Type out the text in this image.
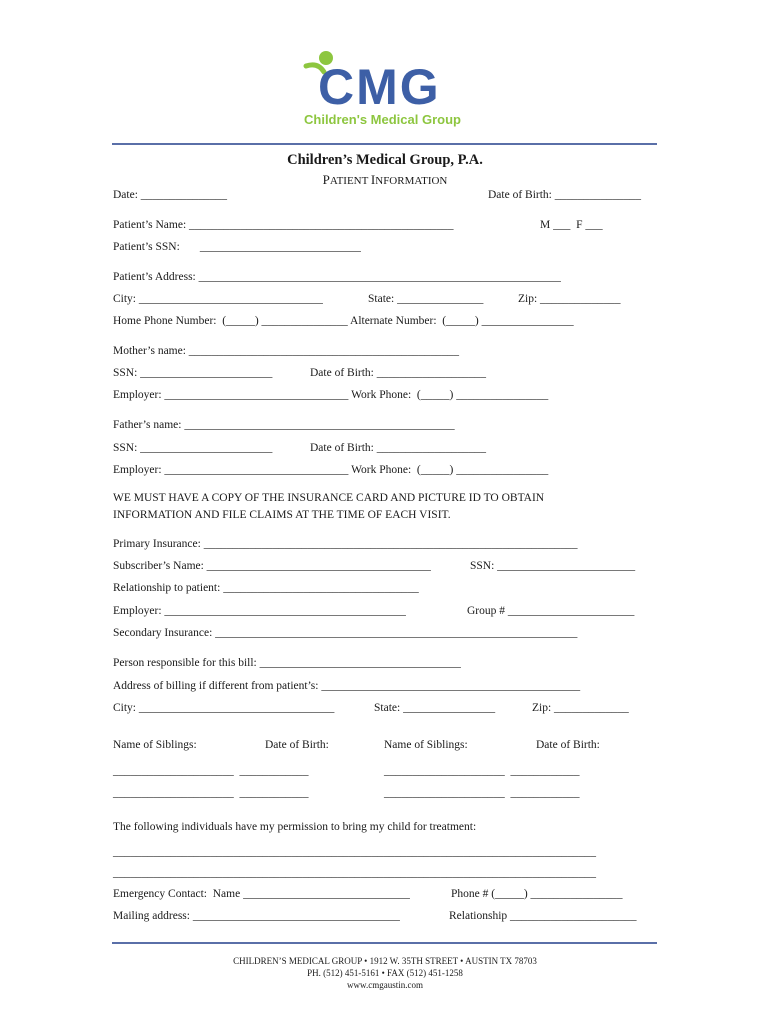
CMG
Children's Medical Group
Children’s Medical Group, P.A.
PATIENT INFORMATION
Date: _______________	Date of Birth: _______________
Patient’s Name: ______________________________________________	M ___  F ___
Patient’s SSN:       ____________________________
Patient’s Address: _______________________________________________________________
City: ________________________________	State: _______________	Zip: ______________
Home Phone Number:  (_____) _______________ Alternate Number:  (_____) ________________
Mother’s name: _______________________________________________
SSN: _______________________	Date of Birth: ___________________
Employer: ________________________________ Work Phone:  (_____) ________________
Father’s name: _______________________________________________
SSN: _______________________	Date of Birth: ___________________
Employer: ________________________________ Work Phone:  (_____) ________________
WE MUST HAVE A COPY OF THE INSURANCE CARD AND PICTURE ID TO OBTAIN
INFORMATION AND FILE CLAIMS AT THE TIME OF EACH VISIT.
Primary Insurance: _________________________________________________________________
Subscriber’s Name: _______________________________________	SSN: ________________________
Relationship to patient: __________________________________
Employer: __________________________________________	Group # ______________________
Secondary Insurance: _______________________________________________________________
Person responsible for this bill: ___________________________________
Address of billing if different from patient’s: _____________________________________________
City: __________________________________	State: ________________	Zip: _____________
Name of Siblings:	Date of Birth:	Name of Siblings:	Date of Birth:
_____________________  ____________	_____________________  ____________
_____________________  ____________	_____________________  ____________
The following individuals have my permission to bring my child for treatment:
____________________________________________________________________________________
____________________________________________________________________________________
Emergency Contact:  Name _____________________________	Phone # (_____) ________________
Mailing address: ____________________________________	Relationship ______________________
CHILDREN’S MEDICAL GROUP • 1912 W. 35TH STREET • AUSTIN TX 78703
PH. (512) 451-5161 • FAX (512) 451-1258
www.cmgaustin.com
